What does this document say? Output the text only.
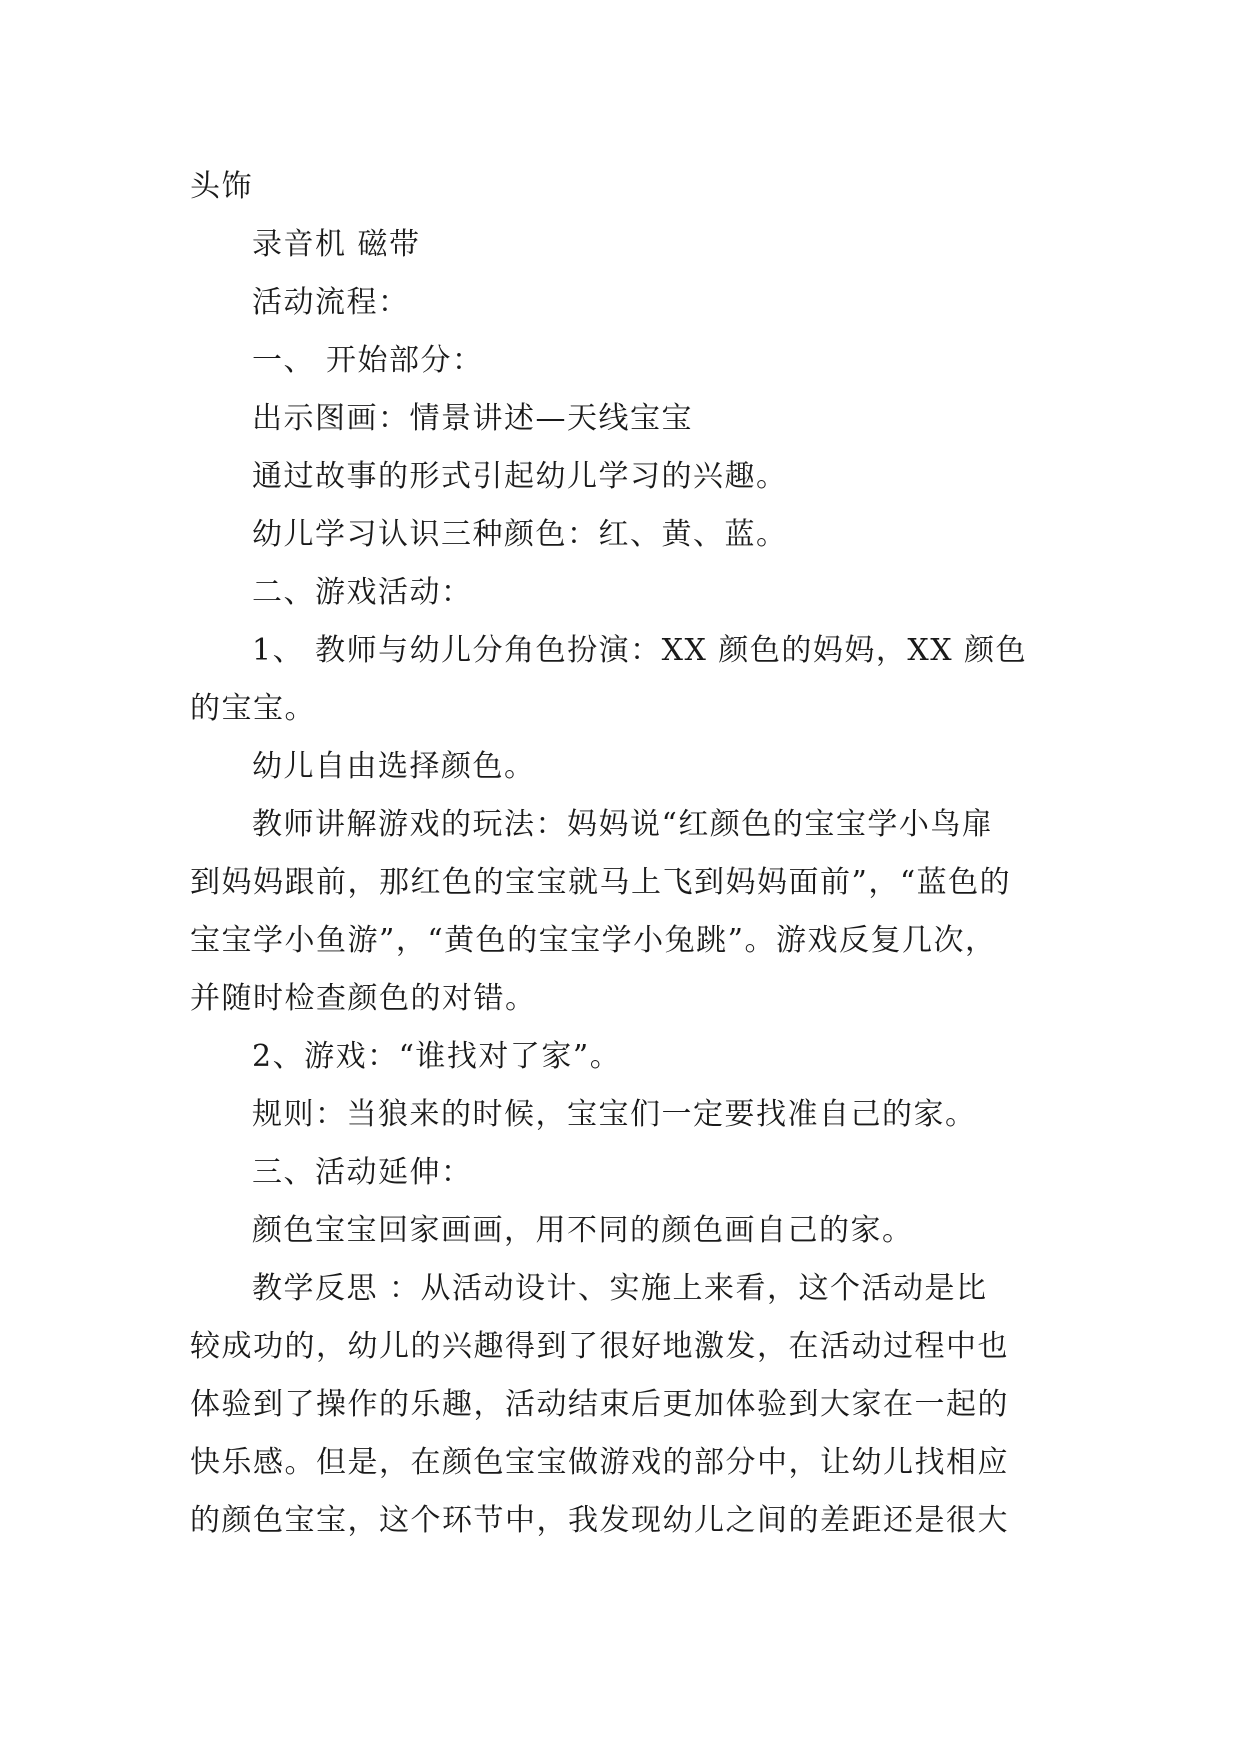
头饰

录音机 磁带

活动流程：

一、 开始部分：

出示图画：情景讲述—天线宝宝

通过故事的形式引起幼儿学习的兴趣。

幼儿学习认识三种颜色：红、黄、蓝。

二、游戏活动：

1、 教师与幼儿分角色扮演：XX 颜色的妈妈，XX 颜色
的宝宝。

幼儿自由选择颜色。

教师讲解游戏的玩法：妈妈说“红颜色的宝宝学小鸟扉
到妈妈跟前，那红色的宝宝就马上飞到妈妈面前”，“蓝色的
宝宝学小鱼游”，“黄色的宝宝学小兔跳”。游戏反复几次，
并随时检查颜色的对错。

2、游戏：“谁找对了家”。

规则：当狼来的时候，宝宝们一定要找准自己的家。

三、活动延伸：

颜色宝宝回家画画，用不同的颜色画自己的家。

教学反思 ：从活动设计、实施上来看，这个活动是比
较成功的，幼儿的兴趣得到了很好地激发，在活动过程中也
体验到了操作的乐趣，活动结束后更加体验到大家在一起的
快乐感。但是，在颜色宝宝做游戏的部分中，让幼儿找相应
的颜色宝宝，这个环节中，我发现幼儿之间的差距还是很大
